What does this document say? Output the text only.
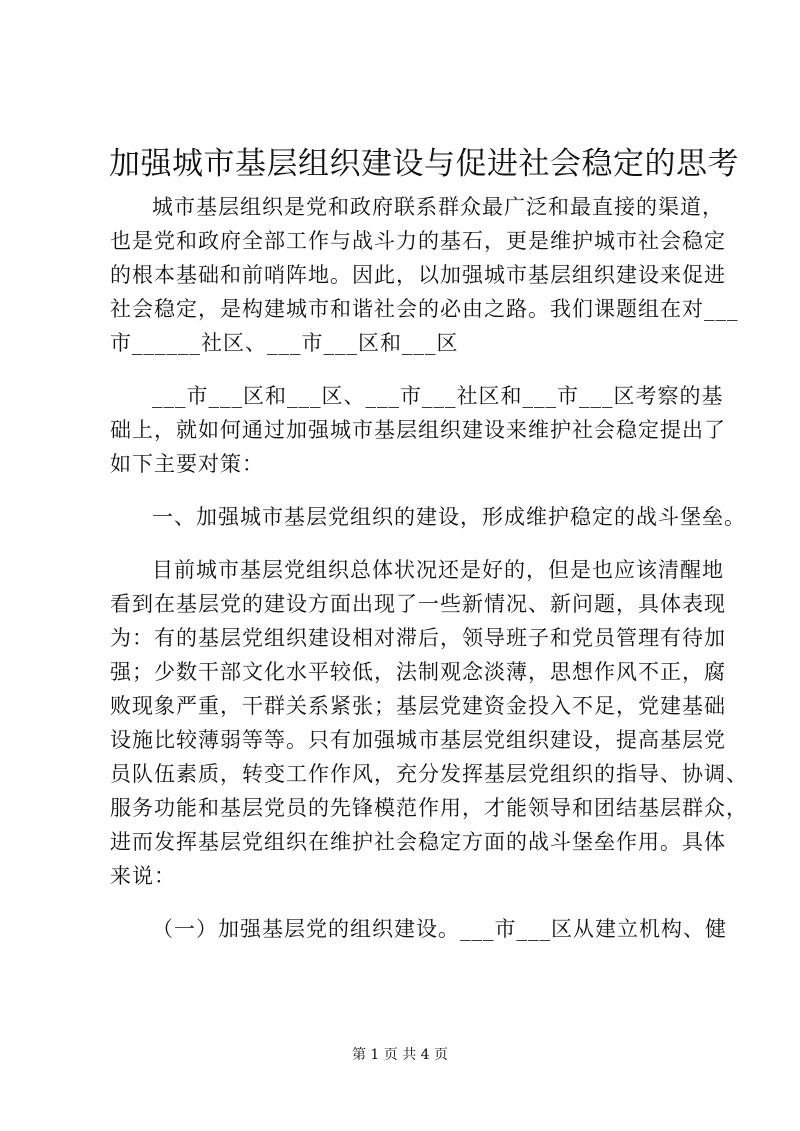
加强城市基层组织建设与促进社会稳定的思考
城市基层组织是党和政府联系群众最广泛和最直接的渠道，
也是党和政府全部工作与战斗力的基石，更是维护城市社会稳定
的根本基础和前哨阵地。因此，以加强城市基层组织建设来促进
社会稳定，是构建城市和谐社会的必由之路。我们课题组在对___
市______社区、___市___区和___区
___市___区和___区、___市___社区和___市___区考察的基
础上，就如何通过加强城市基层组织建设来维护社会稳定提出了
如下主要对策：
一、加强城市基层党组织的建设，形成维护稳定的战斗堡垒。
目前城市基层党组织总体状况还是好的，但是也应该清醒地
看到在基层党的建设方面出现了一些新情况、新问题，具体表现
为：有的基层党组织建设相对滞后，领导班子和党员管理有待加
强；少数干部文化水平较低，法制观念淡薄，思想作风不正，腐
败现象严重，干群关系紧张；基层党建资金投入不足，党建基础
设施比较薄弱等等。只有加强城市基层党组织建设，提高基层党
员队伍素质，转变工作作风，充分发挥基层党组织的指导、协调、
服务功能和基层党员的先锋模范作用，才能领导和团结基层群众，
进而发挥基层党组织在维护社会稳定方面的战斗堡垒作用。具体
来说：
（一）加强基层党的组织建设。___市___区从建立机构、健
第 1 页 共 4 页
